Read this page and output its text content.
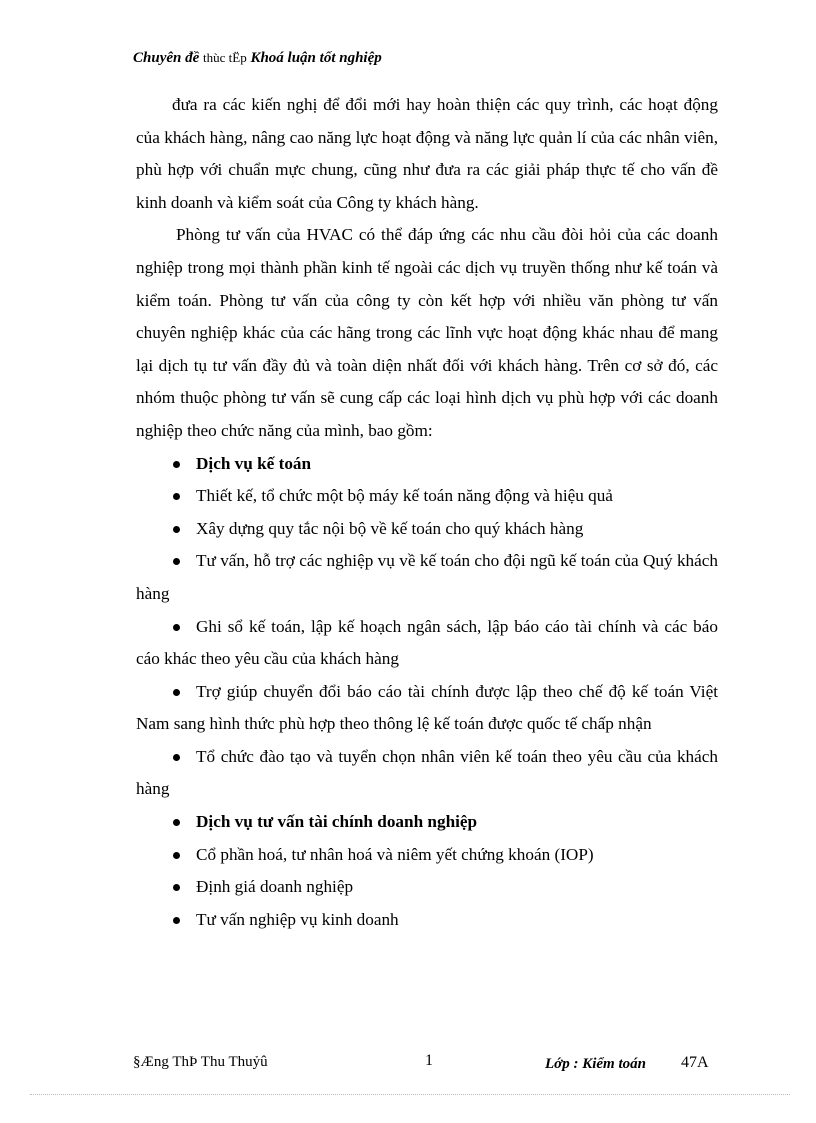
Chuyên đề thùc tËp Khoá luận tốt nghiệp

đưa ra các kiến nghị để đổi mới hay hoàn thiện các quy trình, các hoạt động của khách hàng, nâng cao năng lực hoạt động và năng lực quản lí của các nhân viên, phù hợp với chuẩn mực chung, cũng như đưa ra các giải pháp thực tế cho vấn đề kinh doanh và kiểm soát của Công ty khách hàng.

Phòng tư vấn của HVAC có thể đáp ứng các nhu cầu đòi hỏi của các doanh nghiệp trong mọi thành phần kinh tế ngoài các dịch vụ truyền thống như kế toán và kiểm toán. Phòng tư vấn của công ty còn kết hợp với nhiều văn phòng tư vấn chuyên nghiệp khác của các hãng trong các lĩnh vực hoạt động khác nhau để mang lại dịch tụ tư vấn đầy đủ và toàn diện nhất đối với khách hàng. Trên cơ sở đó, các nhóm thuộc phòng tư vấn sẽ cung cấp các loại hình dịch vụ phù hợp với các doanh nghiệp theo chức năng của mình, bao gồm:

Dịch vụ kế toán
Thiết kế, tổ chức một bộ máy kế toán năng động và hiệu quả
Xây dựng quy tắc nội bộ về kế toán cho quý khách hàng
Tư vấn, hỗ trợ các nghiệp vụ về kế toán cho đội ngũ kế toán của Quý khách hàng
Ghi sổ kế toán, lập kế hoạch ngân sách, lập báo cáo tài chính và các báo cáo khác theo yêu cầu của khách hàng
Trợ giúp chuyển đổi báo cáo tài chính được lập theo chế độ kế toán Việt Nam sang hình thức phù hợp theo thông lệ kế toán được quốc tế chấp nhận
Tổ chức đào tạo và tuyển chọn nhân viên kế toán theo yêu cầu của khách hàng
Dịch vụ tư vấn tài chính doanh nghiệp
Cổ phần hoá, tư nhân hoá và niêm yết chứng khoán (IOP)
Định giá doanh nghiệp
Tư vấn nghiệp vụ kinh doanh
§Æng ThÞ Thu Thuỷû	1	Lớp : Kiểm toán 47A
